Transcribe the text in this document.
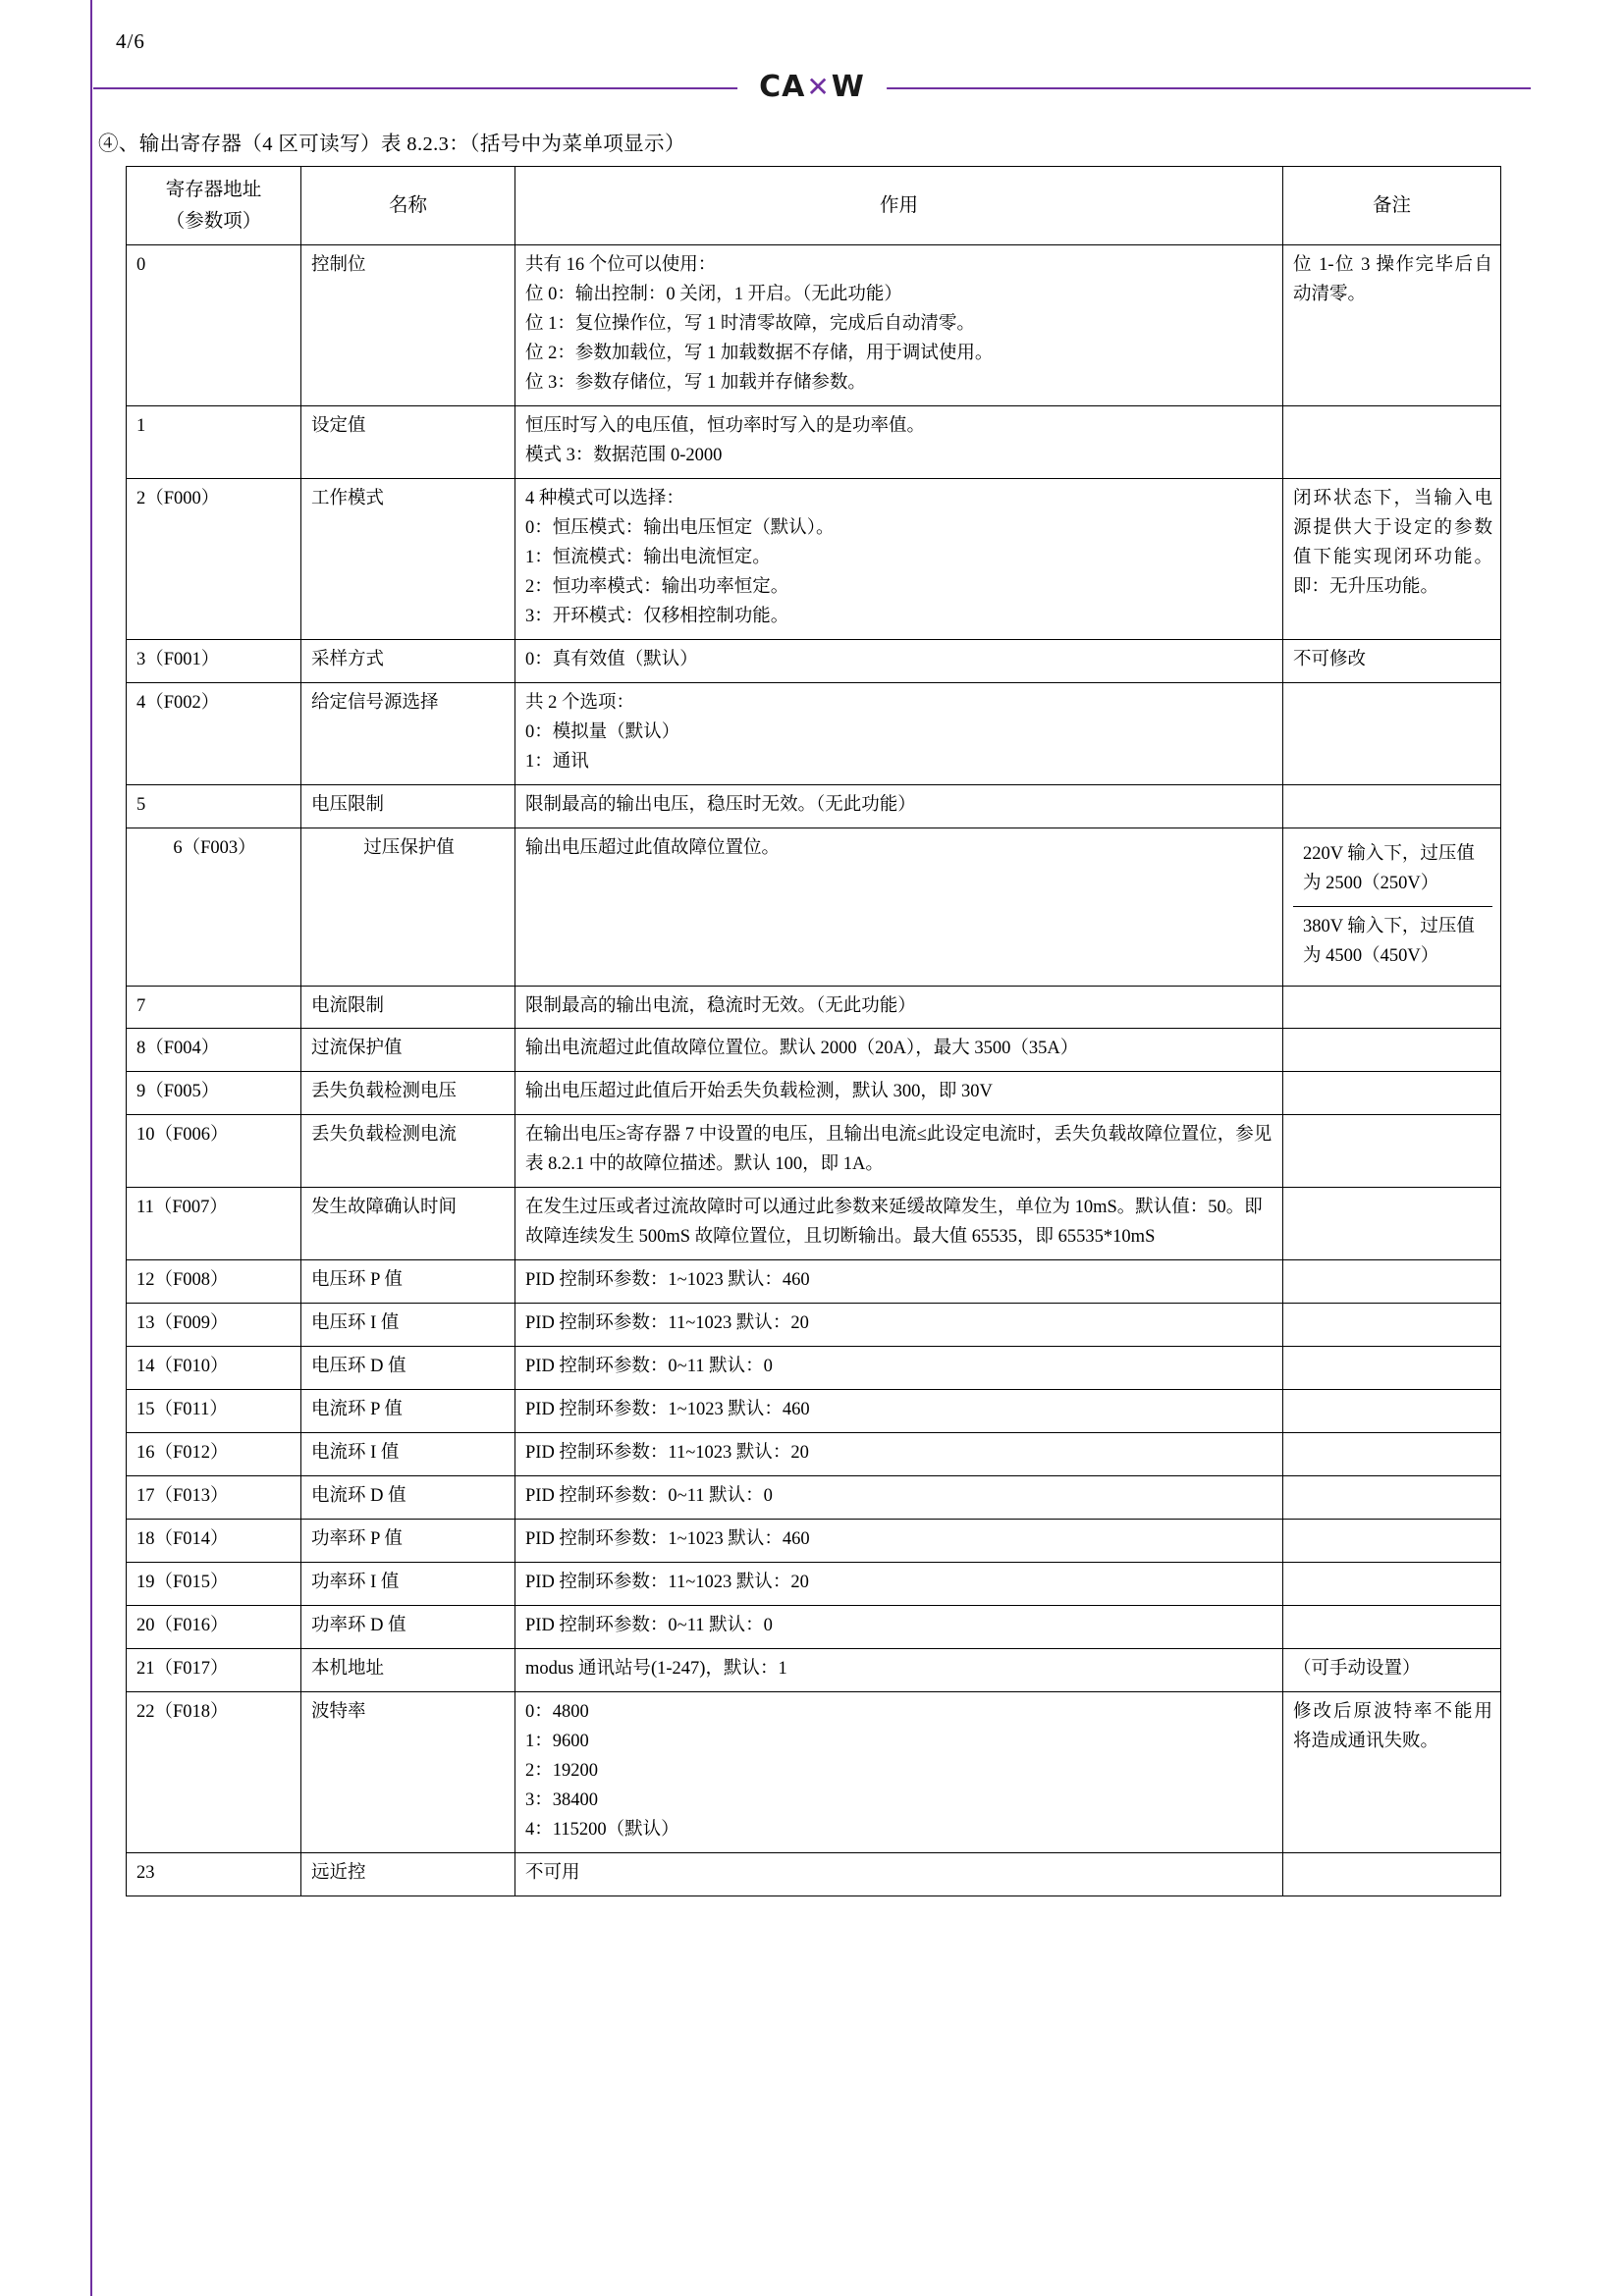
4/6
CA✕W
④、输出寄存器（4 区可读写）表 8.2.3：（括号中为菜单项显示）
寄存器地址
（参数项）	名称	作用	备注
0	控制位	共有 16 个位可以使用：
位 0：输出控制：0 关闭，1 开启。（无此功能）
位 1：复位操作位，写 1 时清零故障，完成后自动清零。
位 2：参数加载位，写 1 加载数据不存储，用于调试使用。
位 3：参数存储位，写 1 加载并存储参数。	位 1-位 3 操作完毕后自动清零。
1	设定值	恒压时写入的电压值，恒功率时写入的是功率值。
模式 3：数据范围 0-2000	

2（F000）	工作模式	4 种模式可以选择：
0：恒压模式：输出电压恒定（默认）。
1：恒流模式：输出电流恒定。
2：恒功率模式：输出功率恒定。
3：开环模式：仅移相控制功能。	闭环状态下，当输入电源提供大于设定的参数值下能实现闭环功能。即：无升压功能。
3（F001）	采样方式	0：真有效值（默认）	不可修改
4（F002）	给定信号源选择	共 2 个选项：
0：模拟量（默认）
1：通讯	

5	电压限制	限制最高的输出电压，稳压时无效。（无此功能）	

6（F003）	过压保护值	输出电压超过此值故障位置位。	220V 输入下，过压值为 2500（250V）
380V 输入下，过压值为 4500（450V）

7	电流限制	限制最高的输出电流，稳流时无效。（无此功能）	

8（F004）	过流保护值	输出电流超过此值故障位置位。默认 2000（20A），最大 3500（35A）	

9（F005）	丢失负载检测电压	输出电压超过此值后开始丢失负载检测，默认 300，即 30V	

10（F006）	丢失负载检测电流	在输出电压≥寄存器 7 中设置的电压，且输出电流≤此设定电流时，丢失负载故障位置位，参见表 8.2.1 中的故障位描述。默认 100，即 1A。	

11（F007）	发生故障确认时间	在发生过压或者过流故障时可以通过此参数来延缓故障发生，单位为 10mS。默认值：50。即故障连续发生 500mS 故障位置位，且切断输出。最大值 65535，即 65535*10mS	

12（F008）	电压环 P 值	PID 控制环参数：1~1023 默认：460	

13（F009）	电压环 I 值	PID 控制环参数：11~1023 默认：20	

14（F010）	电压环 D 值	PID 控制环参数：0~11 默认：0	

15（F011）	电流环 P 值	PID 控制环参数：1~1023 默认：460	

16（F012）	电流环 I 值	PID 控制环参数：11~1023 默认：20	

17（F013）	电流环 D 值	PID 控制环参数：0~11 默认：0	

18（F014）	功率环 P 值	PID 控制环参数：1~1023 默认：460	

19（F015）	功率环 I 值	PID 控制环参数：11~1023 默认：20	

20（F016）	功率环 D 值	PID 控制环参数：0~11 默认：0	

21（F017）	本机地址	modus 通讯站号(1-247)，默认：1	（可手动设置）
22（F018）	波特率	0：4800
1：9600
2：19200
3：38400
4：115200（默认）	修改后原波特率不能用将造成通讯失败。
23	远近控	不可用	
